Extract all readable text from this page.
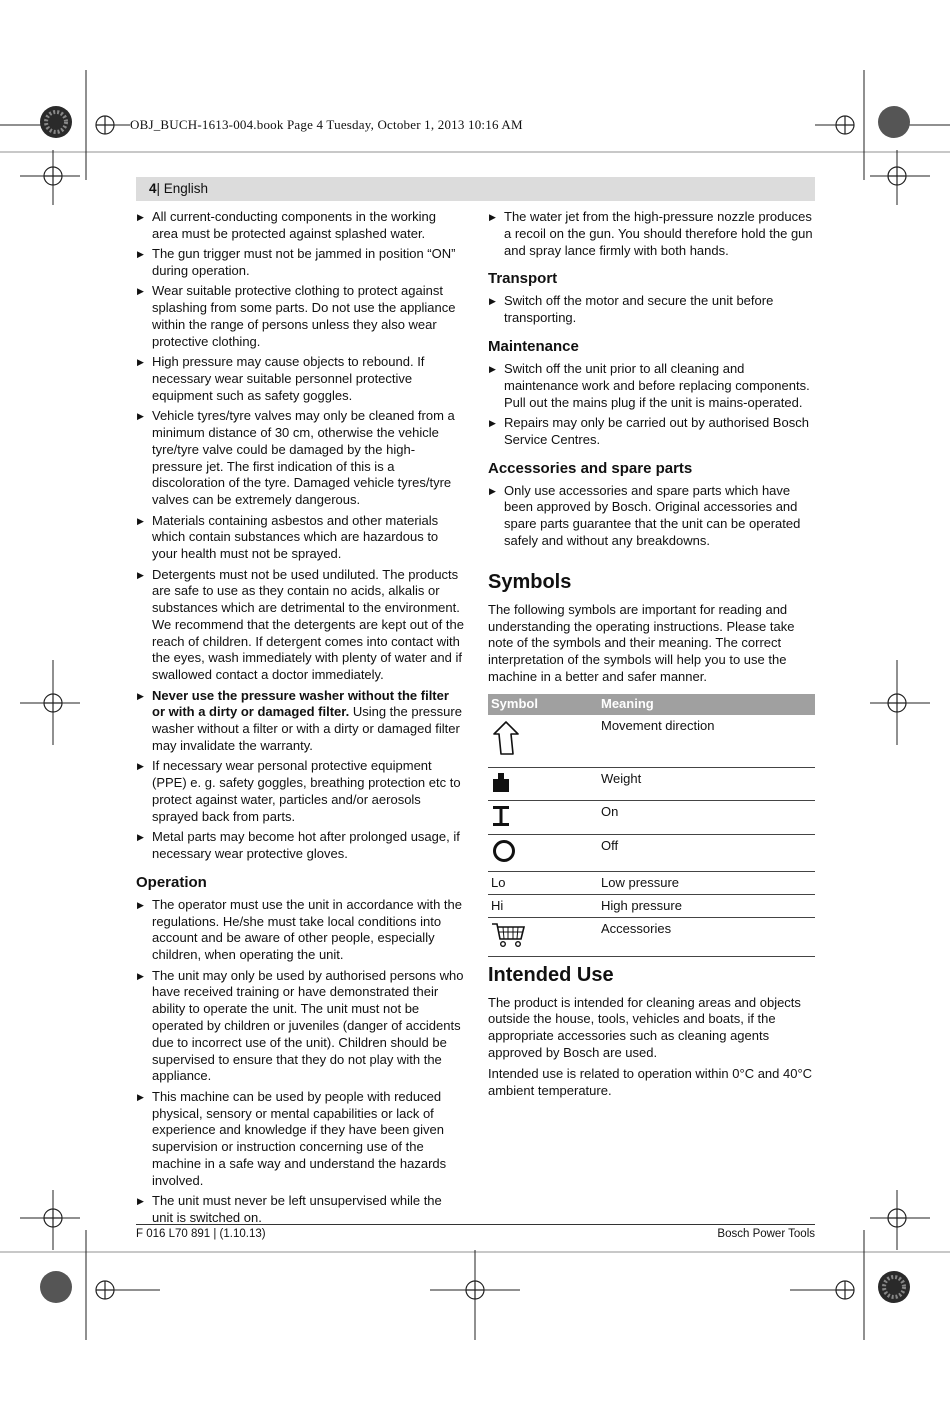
OBJ_BUCH-1613-004.book Page 4 Tuesday, October 1, 2013 10:16 AM
4| English
▶ All current-conducting components in the working area must be protected against splashed water.
▶ The gun trigger must not be jammed in position “ON” during operation.
▶ Wear suitable protective clothing to protect against splashing from some parts. Do not use the appliance within the range of persons unless they also wear protective clothing.
▶ High pressure may cause objects to rebound. If necessary wear suitable personnel protective equipment such as safety goggles.
▶ Vehicle tyres/tyre valves may only be cleaned from a minimum distance of 30 cm, otherwise the vehicle tyre/tyre valve could be damaged by the high-pressure jet. The first indication of this is a discoloration of the tyre. Damaged vehicle tyres/tyre valves can be extremely dangerous.
▶ Materials containing asbestos and other materials which contain substances which are hazardous to your health must not be sprayed.
▶ Detergents must not be used undiluted. The products are safe to use as they contain no acids, alkalis or substances which are detrimental to the environment. We recommend that the detergents are kept out of the reach of children. If detergent comes into contact with the eyes, wash immediately with plenty of water and if swallowed contact a doctor immediately.
▶ Never use the pressure washer without the filter or with a dirty or damaged filter. Using the pressure washer without a filter or with a dirty or damaged filter may invalidate the warranty.
▶ If necessary wear personal protective equipment (PPE) e. g. safety goggles, breathing protection etc to protect against water, particles and/or aerosols sprayed back from parts.
▶ Metal parts may become hot after prolonged usage, if necessary wear protective gloves.
Operation
▶ The operator must use the unit in accordance with the regulations. He/she must take local conditions into account and be aware of other people, especially children, when operating the unit.
▶ The unit may only be used by authorised persons who have received training or have demonstrated their ability to operate the unit. The unit must not be operated by children or juveniles (danger of accidents due to incorrect use of the unit). Children should be supervised to ensure that they do not play with the appliance.
▶ This machine can be used by people with reduced physical, sensory or mental capabilities or lack of experience and knowledge if they have been given supervision or instruction concerning use of the machine in a safe way and understand the hazards involved.
▶ The unit must never be left unsupervised while the unit is switched on.
▶ The water jet from the high-pressure nozzle produces a recoil on the gun. You should therefore hold the gun and spray lance firmly with both hands.
Transport
▶ Switch off the motor and secure the unit before transporting.
Maintenance
▶ Switch off the unit prior to all cleaning and maintenance work and before replacing components. Pull out the mains plug if the unit is mains-operated.
▶ Repairs may only be carried out by authorised Bosch Service Centres.
Accessories and spare parts
▶ Only use accessories and spare parts which have been approved by Bosch. Original accessories and spare parts guarantee that the unit can be operated safely and without any breakdowns.
Symbols

The following symbols are important for reading and understanding the operating instructions. Please take note of the symbols and their meaning. The correct interpretation of the symbols will help you to use the machine in a better and safer manner.

Symbol	Meaning
	Movement direction
	Weight
	On
	Off
Lo	Low pressure
Hi	High pressure
	Accessories
Intended Use

The product is intended for cleaning areas and objects outside the house, tools, vehicles and boats, if the appropriate accessories such as cleaning agents approved by Bosch are used.

Intended use is related to operation within 0°C and 40°C ambient temperature.

F 016 L70 891 | (1.10.13)	Bosch Power Tools
